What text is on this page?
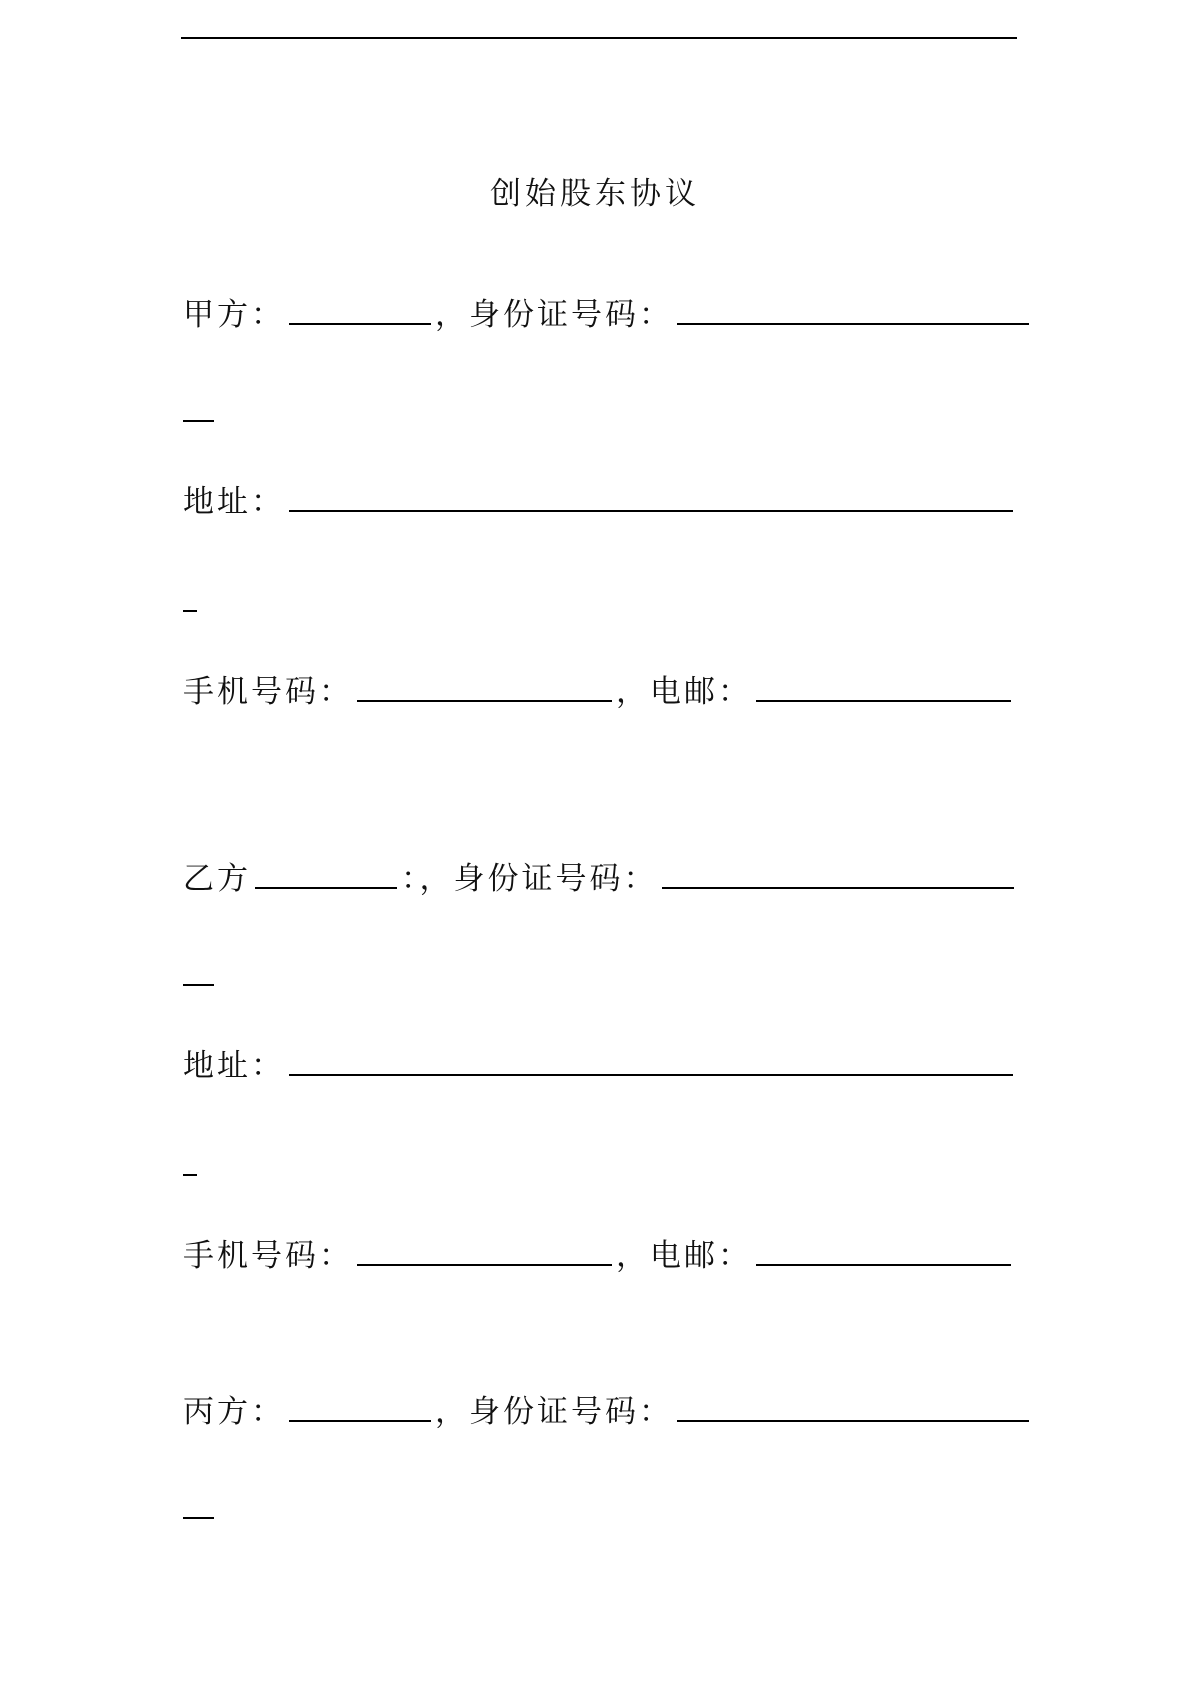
创始股东协议
甲方：	，身份证号码：
地址：
手机号码：	，电邮：
乙方	：，身份证号码：
地址：
手机号码：	，电邮：
丙方：	，身份证号码：
